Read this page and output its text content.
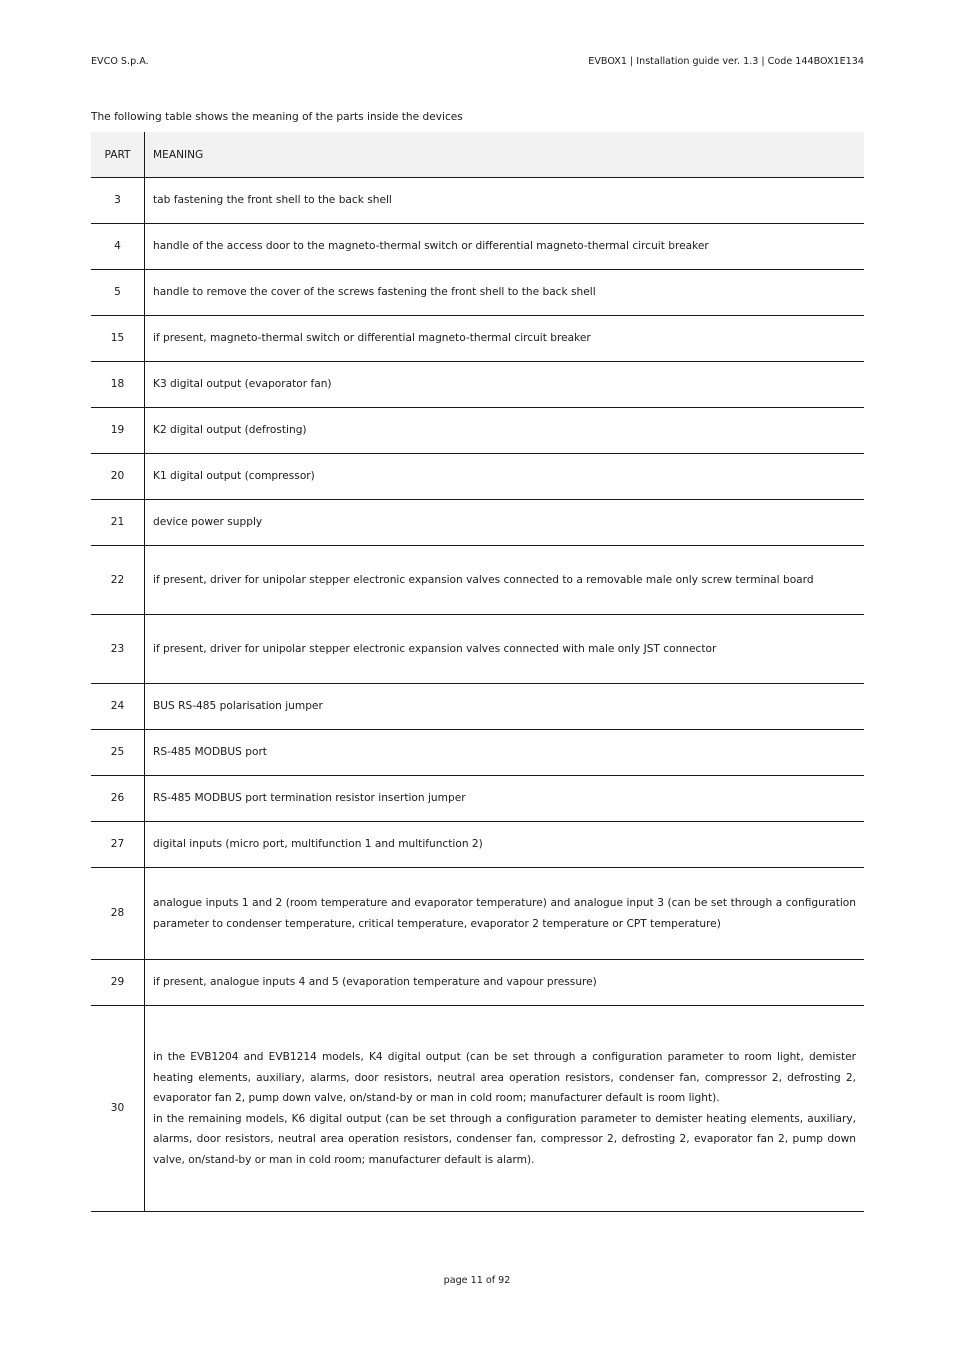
EVCO S.p.A.	EVBOX1 | Installation guide ver. 1.3 | Code 144BOX1E134
The following table shows the meaning of the parts inside the devices
PART	MEANING
3	tab fastening the front shell to the back shell
4	handle of the access door to the magneto-thermal switch or differential magneto-thermal circuit breaker
5	handle to remove the cover of the screws fastening the front shell to the back shell
15	if present, magneto-thermal switch or differential magneto-thermal circuit breaker
18	K3 digital output (evaporator fan)
19	K2 digital output (defrosting)
20	K1 digital output (compressor)
21	device power supply
22	if present, driver for unipolar stepper electronic expansion valves connected to a removable male only screw terminal board
23	if present, driver for unipolar stepper electronic expansion valves connected with male only JST connector
24	BUS RS-485 polarisation jumper
25	RS-485 MODBUS port
26	RS-485 MODBUS port termination resistor insertion jumper
27	digital inputs (micro port, multifunction 1 and multifunction 2)
28	analogue inputs 1 and 2 (room temperature and evaporator temperature) and analogue input 3 (can be set through a configuration parameter to condenser temperature, critical temperature, evaporator 2 temperature or CPT temperature)
29	if present, analogue inputs 4 and 5 (evaporation temperature and vapour pressure)
30	in the EVB1204 and EVB1214 models, K4 digital output (can be set through a configuration parameter to room light, demister heating elements, auxiliary, alarms, door resistors, neutral area operation resistors, condenser fan, compressor 2, defrosting 2, evaporator fan 2, pump down valve, on/stand-by or man in cold room; manufacturer default is room light).
in the remaining models, K6 digital output (can be set through a configuration parameter to demister heating elements, auxiliary, alarms, door resistors, neutral area operation resistors, condenser fan, compressor 2, defrosting 2, evaporator fan 2, pump down valve, on/stand-by or man in cold room; manufacturer default is alarm).
page 11 of 92
